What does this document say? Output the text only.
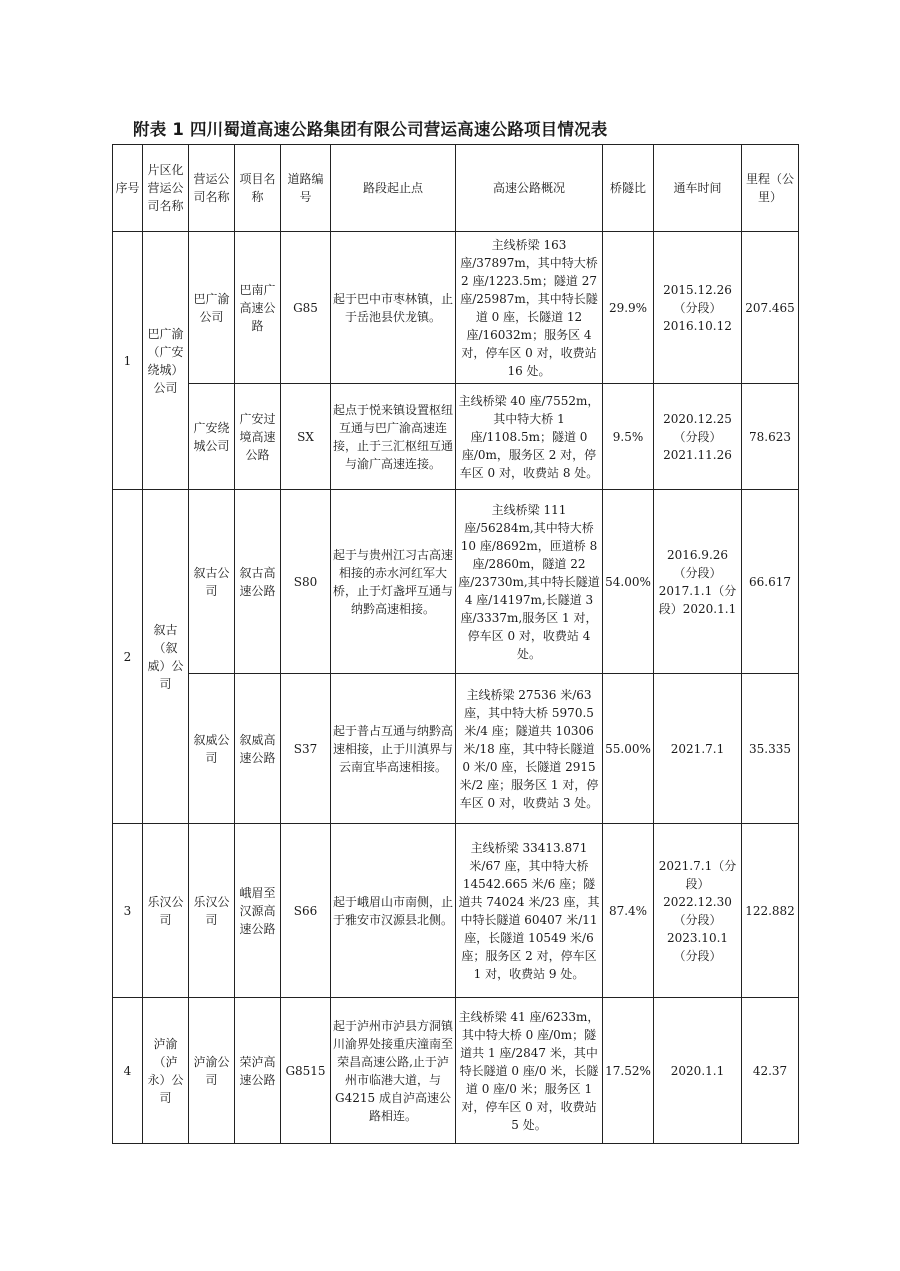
附表 1 四川蜀道高速公路集团有限公司营运高速公路项目情况表
序号	片区化营运公司名称	营运公司名称	项目名称	道路编号	路段起止点	高速公路概况	桥隧比	通车时间	里程（公里）
1	巴广渝（广安绕城）公司	巴广渝公司	巴南广高速公路	G85	起于巴中市枣林镇，止于岳池县伏龙镇。	主线桥梁 163 座/37897m，其中特大桥 2 座/1223.5m；隧道 27 座/25987m，其中特长隧道 0 座，长隧道 12 座/16032m；服务区 4 对，停车区 0 对，收费站 16 处。	29.9%	2015.12.26（分段）2016.10.12	207.465
		广安绕城公司	广安过境高速公路	SX	起点于悦来镇设置枢纽互通与巴广渝高速连接，止于三汇枢纽互通与渝广高速连接。	主线桥梁 40 座/7552m，其中特大桥 1 座/1108.5m；隧道 0 座/0m，服务区 2 对，停车区 0 对，收费站 8 处。	9.5%	2020.12.25（分段）2021.11.26	78.623
2	叙古（叙威）公司	叙古公司	叙古高速公路	S80	起于与贵州江习古高速相接的赤水河红军大桥，止于灯盏坪互通与纳黔高速相接。	主线桥梁 111 座/56284m,其中特大桥 10 座/8692m，匝道桥 8 座/2860m，隧道 22 座/23730m,其中特长隧道 4 座/14197m,长隧道 3 座/3337m,服务区 1 对，停车区 0 对，收费站 4 处。	54.00%	2016.9.26（分段）2017.1.1（分段）2020.1.1	66.617
		叙威公司	叙威高速公路	S37	起于普占互通与纳黔高速相接，止于川滇界与云南宜毕高速相接。	主线桥梁 27536 米/63 座，其中特大桥 5970.5 米/4 座；隧道共 10306 米/18 座，其中特长隧道 0 米/0 座，长隧道 2915 米/2 座；服务区 1 对，停车区 0 对，收费站 3 处。	55.00%	2021.7.1	35.335
3	乐汉公司	乐汉公司	峨眉至汉源高速公路	S66	起于峨眉山市南侧，止于雅安市汉源县北侧。	主线桥梁 33413.871 米/67 座，其中特大桥 14542.665 米/6 座；隧道共 74024 米/23 座，其中特长隧道 60407 米/11 座，长隧道 10549 米/6 座；服务区 2 对，停车区 1 对，收费站 9 处。	87.4%	2021.7.1（分段）2022.12.30（分段）2023.10.1（分段）	122.882
4	泸渝（泸永）公司	泸渝公司	荣泸高速公路	G8515	起于泸州市泸县方洞镇川渝界处接重庆潼南至荣昌高速公路,止于泸州市临港大道，与 G4215 成自泸高速公路相连。	主线桥梁 41 座/6233m，其中特大桥 0 座/0m；隧道共 1 座/2847 米，其中特长隧道 0 座/0 米，长隧道 0 座/0 米；服务区 1 对，停车区 0 对，收费站 5 处。	17.52%	2020.1.1	42.37
